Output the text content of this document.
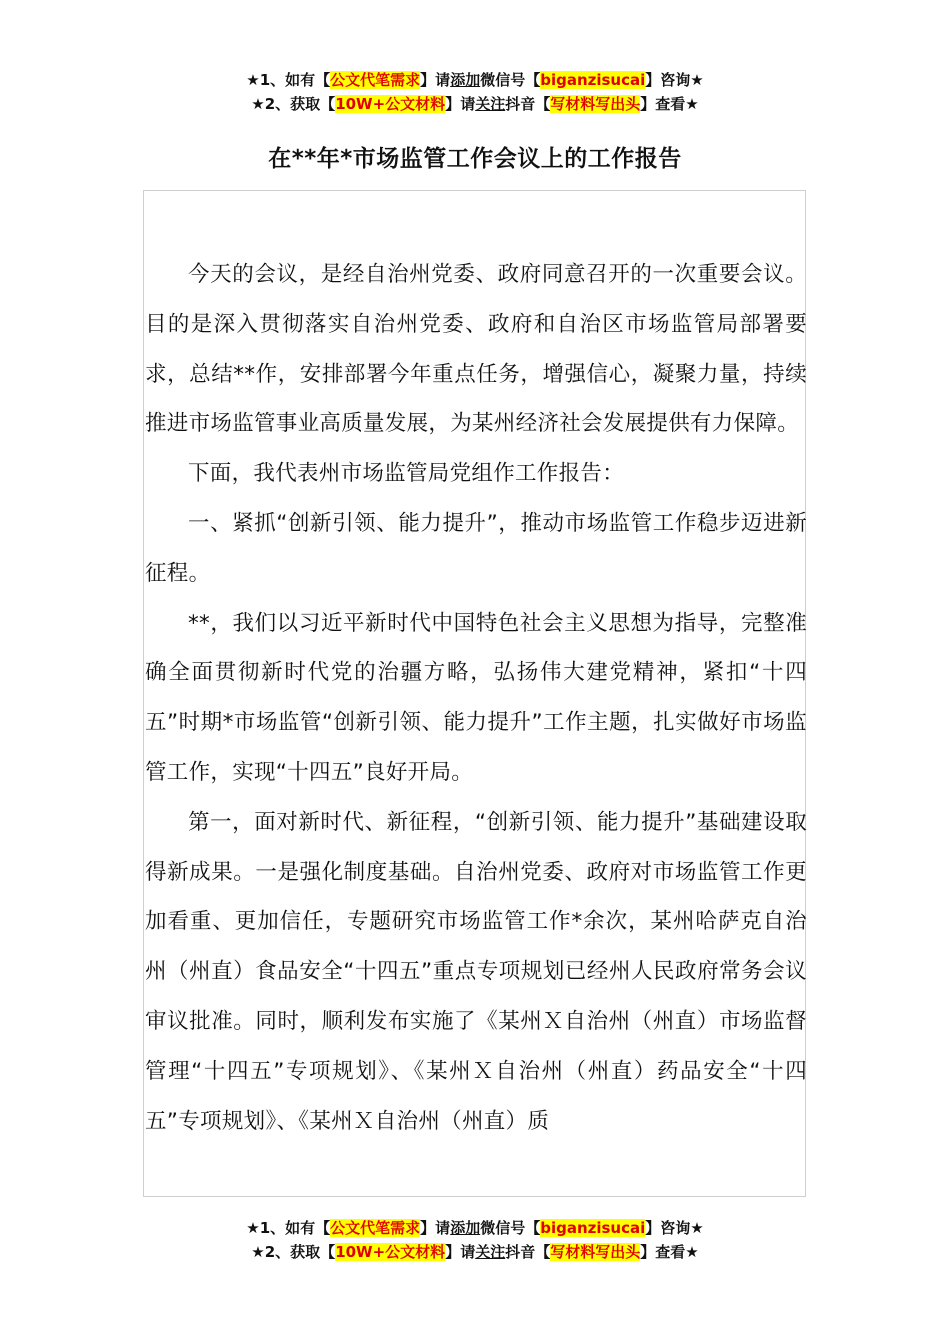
★1、如有【公文代笔需求】请添加微信号【biganzisucai】咨询★
★2、获取【10W+公文材料】请关注抖音【写材料写出头】查看★
在**年*市场监管工作会议上的工作报告

今天的会议，是经自治州党委、政府同意召开的一次重要会议。目的是深入贯彻落实自治州党委、政府和自治区市场监管局部署要求，总结**作，安排部署今年重点任务，增强信心，凝聚力量，持续推进市场监管事业高质量发展，为某州经济社会发展提供有力保障。

下面，我代表州市场监管局党组作工作报告：

一、紧抓“创新引领、能力提升”，推动市场监管工作稳步迈进新征程。

**，我们以习近平新时代中国特色社会主义思想为指导，完整准确全面贯彻新时代党的治疆方略，弘扬伟大建党精神，紧扣“十四五”时期*市场监管“创新引领、能力提升”工作主题，扎实做好市场监管工作，实现“十四五”良好开局。

第一，面对新时代、新征程，“创新引领、能力提升”基础建设取得新成果。一是强化制度基础。自治州党委、政府对市场监管工作更加看重、更加信任，专题研究市场监管工作*余次，某州哈萨克自治州（州直）食品安全“十四五”重点专项规划已经州人民政府常务会议审议批准。同时，顺利发布实施了《某州Ｘ自治州（州直）市场监督管理“十四五”专项规划》、《某州Ｘ自治州（州直）药品安全“十四五”专项规划》、《某州Ｘ自治州（州直）质

★1、如有【公文代笔需求】请添加微信号【biganzisucai】咨询★
★2、获取【10W+公文材料】请关注抖音【写材料写出头】查看★
